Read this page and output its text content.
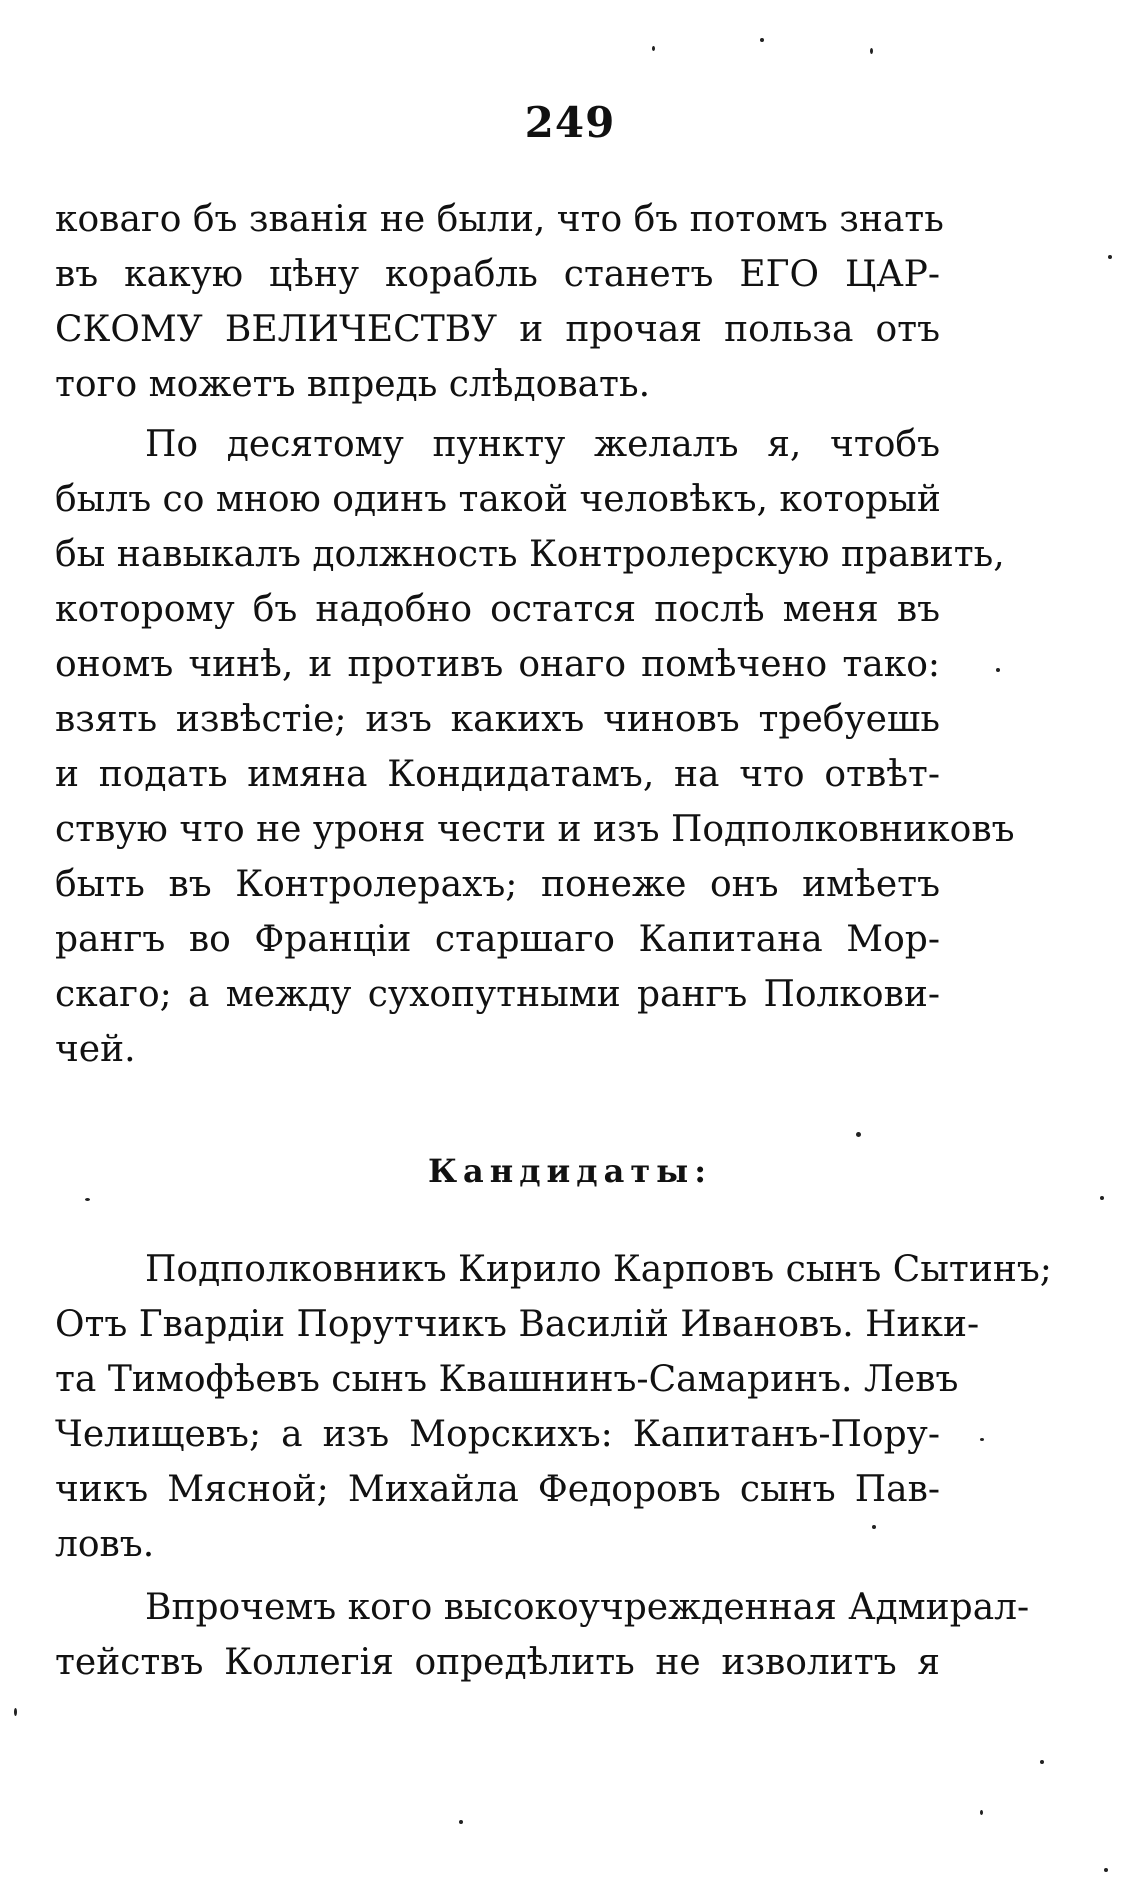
249
коваго бъ званія не были, что бъ потомъ знать
въ какую цѣну корабль станетъ ЕГО ЦАР-
СКОМУ ВЕЛИЧЕСТВУ и прочая польза отъ
того можетъ впредь слѣдовать.
По десятому пункту желалъ я, чтобъ
былъ со мною одинъ такой человѣкъ, который
бы навыкалъ должность Контролерскую править,
которому бъ надобно остатся послѣ меня въ
ономъ чинѣ, и противъ онаго помѣчено тако:
взять извѣстіе; изъ какихъ чиновъ требуешь
и подать имяна Кондидатамъ, на что отвѣт-
ствую что не уроня чести и изъ Подполковниковъ
быть въ Контролерахъ; понеже онъ имѣетъ
рангъ во Франціи старшаго Капитана Мор-
скаго; а между сухопутными рангъ Полкови-
чей.
Кандидаты:
Подполковникъ Кирило Карповъ сынъ Сытинъ;
Отъ Гвардіи Порутчикъ Василій Ивановъ. Ники-
та Тимофѣевъ сынъ Квашнинъ-Самаринъ. Левъ
Челищевъ; а изъ Морскихъ: Капитанъ-Пору-
чикъ Мясной; Михайла Федоровъ сынъ Пав-
ловъ.
Впрочемъ кого высокоучрежденная Адмирал-
тействъ Коллегія опредѣлить не изволитъ я
